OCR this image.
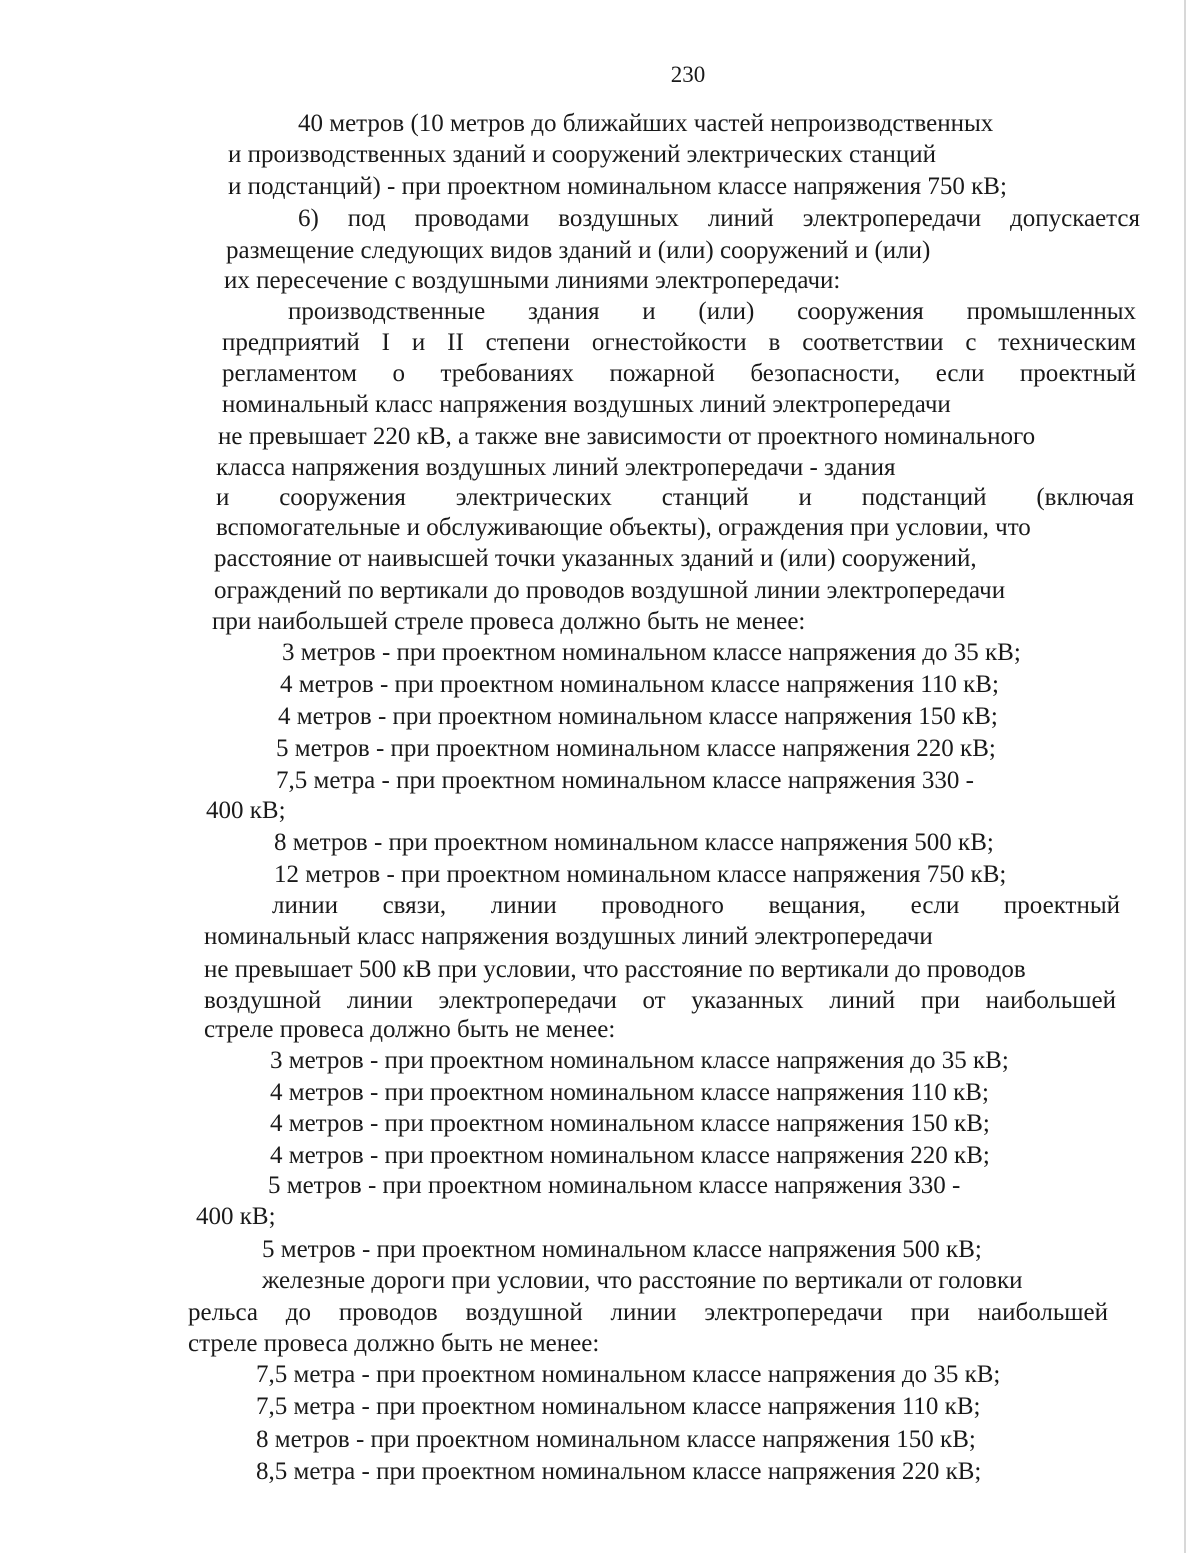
230
40 метров (10 метров до ближайших частей непроизводственных
и производственных зданий и сооружений электрических станций
и подстанций) - при проектном номинальном классе напряжения 750 кВ;
6) под проводами воздушных линий электропередачи допускается
размещение следующих видов зданий и (или) сооружений и (или)
их пересечение с воздушными линиями электропередачи:
производственные здания и (или) сооружения промышленных
предприятий I и II степени огнестойкости в соответствии с техническим
регламентом о требованиях пожарной безопасности, если проектный
номинальный класс напряжения воздушных линий электропередачи
не превышает 220 кВ, а также вне зависимости от проектного номинального
класса напряжения воздушных линий электропередачи - здания
и сооружения электрических станций и подстанций (включая
вспомогательные и обслуживающие объекты), ограждения при условии, что
расстояние от наивысшей точки указанных зданий и (или) сооружений,
ограждений по вертикали до проводов воздушной линии электропередачи
при наибольшей стреле провеса должно быть не менее:
3 метров - при проектном номинальном классе напряжения до 35 кВ;
4 метров - при проектном номинальном классе напряжения 110 кВ;
4 метров - при проектном номинальном классе напряжения 150 кВ;
5 метров - при проектном номинальном классе напряжения 220 кВ;
7,5 метра - при проектном номинальном классе напряжения 330 -
400 кВ;
8 метров - при проектном номинальном классе напряжения 500 кВ;
12 метров - при проектном номинальном классе напряжения 750 кВ;
линии связи, линии проводного вещания, если проектный
номинальный класс напряжения воздушных линий электропередачи
не превышает 500 кВ при условии, что расстояние по вертикали до проводов
воздушной линии электропередачи от указанных линий при наибольшей
стреле провеса должно быть не менее:
3 метров - при проектном номинальном классе напряжения до 35 кВ;
4 метров - при проектном номинальном классе напряжения 110 кВ;
4 метров - при проектном номинальном классе напряжения 150 кВ;
4 метров - при проектном номинальном классе напряжения 220 кВ;
5 метров - при проектном номинальном классе напряжения 330 -
400 кВ;
5 метров - при проектном номинальном классе напряжения 500 кВ;
железные дороги при условии, что расстояние по вертикали от головки
рельса до проводов воздушной линии электропередачи при наибольшей
стреле провеса должно быть не менее:
7,5 метра - при проектном номинальном классе напряжения до 35 кВ;
7,5 метра - при проектном номинальном классе напряжения 110 кВ;
8 метров - при проектном номинальном классе напряжения 150 кВ;
8,5 метра - при проектном номинальном классе напряжения 220 кВ;
